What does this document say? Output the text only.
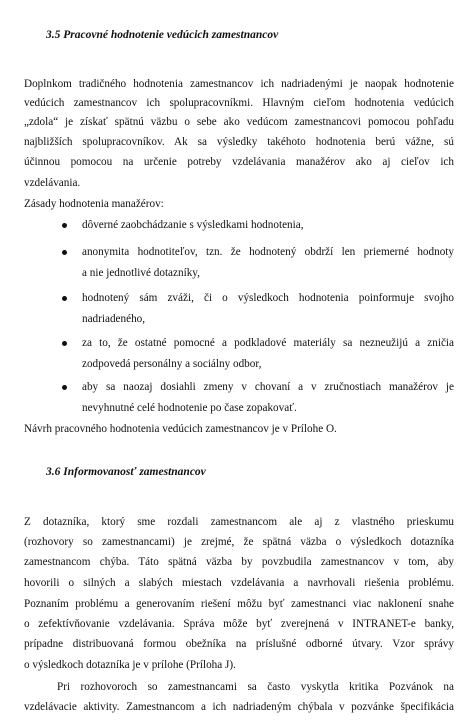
3.5 Pracovné hodnotenie vedúcich zamestnancov
Doplnkom tradičného hodnotenia zamestnancov ich nadriadenými je naopak hodnotenie
vedúcich zamestnancov ich spolupracovníkmi. Hlavným cieľom hodnotenia vedúcich
„zdola“ je získať spätnú väzbu o sebe ako vedúcom zamestnancovi pomocou pohľadu
najbližších spolupracovníkov. Ak sa výsledky takéhoto hodnotenia berú vážne, sú
účinnou pomocou na určenie potreby vzdelávania manažérov ako aj cieľov ich
vzdelávania.
Zásady hodnotenia manažérov:
dôverné zaobchádzanie s výsledkami hodnotenia,
anonymita hodnotiteľov, tzn. že hodnotený obdrží len priemerné hodnoty
a nie jednotlivé dotazníky,
hodnotený sám zváži, či o výsledkoch hodnotenia poinformuje svojho
nadriadeného,
za to, že ostatné pomocné a podkladové materiály sa nezneužijú a zničia
zodpovedá personálny a sociálny odbor,
aby sa naozaj dosiahli zmeny v chovaní a v zručnostiach manažérov je
nevyhnutné celé hodnotenie po čase zopakovať.
Návrh pracovného hodnotenia vedúcich zamestnancov je v Prílohe O.
3.6 Informovanosť zamestnancov
Z dotazníka, ktorý sme rozdali zamestnancom ale aj z vlastného prieskumu
(rozhovory so zamestnancami) je zrejmé, že spätná väzba o výsledkoch dotazníka
zamestnancom chýba. Táto spätná väzba by povzbudila zamestnancov v tom, aby
hovorili o silných a slabých miestach vzdelávania a navrhovali riešenia problému.
Poznaním problému a generovaním riešení môžu byť zamestnanci viac naklonení snahe
o zefektívňovanie vzdelávania. Správa môže byť zverejnená v INTRANET-e banky,
prípadne distribuovaná formou obežníka na príslušné odborné útvary. Vzor správy
o výsledkoch dotazníka je v prílohe (Príloha J).
Pri rozhovoroch so zamestnancami sa často vyskytla kritika Pozvánok na
vzdelávacie aktivity. Zamestnancom a ich nadriadeným chýbala v pozvánke špecifikácia
